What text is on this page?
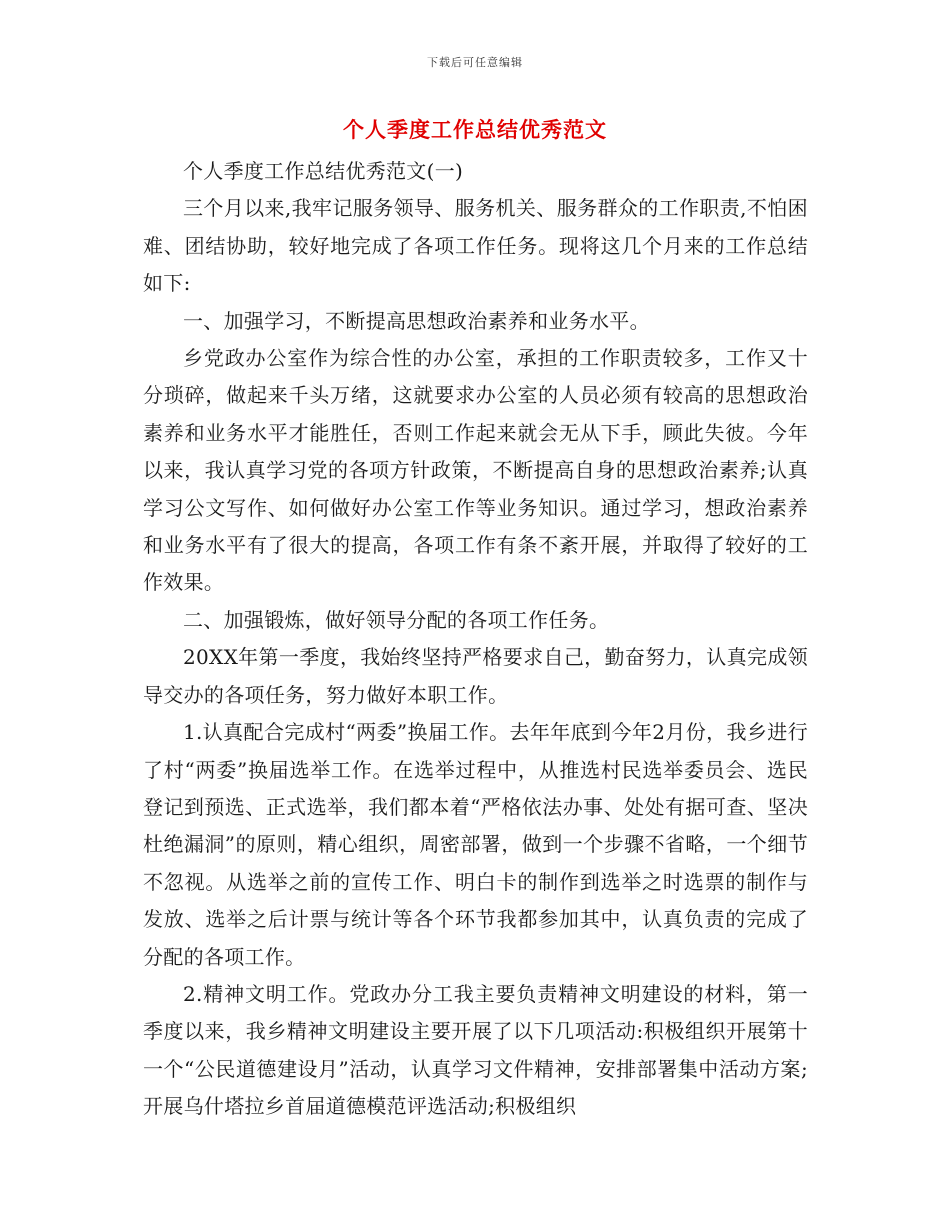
下载后可任意编辑
个人季度工作总结优秀范文

个人季度工作总结优秀范文(一)

三个月以来,我牢记服务领导、服务机关、服务群众的工作职责,不怕困难、团结协助，较好地完成了各项工作任务。现将这几个月来的工作总结如下:

一、加强学习，不断提高思想政治素养和业务水平。

乡党政办公室作为综合性的办公室，承担的工作职责较多，工作又十分琐碎，做起来千头万绪，这就要求办公室的人员必须有较高的思想政治素养和业务水平才能胜任，否则工作起来就会无从下手，顾此失彼。今年以来，我认真学习党的各项方针政策，不断提高自身的思想政治素养;认真学习公文写作、如何做好办公室工作等业务知识。通过学习，想政治素养和业务水平有了很大的提高，各项工作有条不紊开展，并取得了较好的工作效果。

二、加强锻炼，做好领导分配的各项工作任务。

20XX年第一季度，我始终坚持严格要求自己，勤奋努力，认真完成领导交办的各项任务，努力做好本职工作。

1.认真配合完成村“两委”换届工作。去年年底到今年2月份，我乡进行了村“两委”换届选举工作。在选举过程中，从推选村民选举委员会、选民登记到预选、正式选举，我们都本着“严格依法办事、处处有据可查、坚决杜绝漏洞”的原则，精心组织，周密部署，做到一个步骤不省略，一个细节不忽视。从选举之前的宣传工作、明白卡的制作到选举之时选票的制作与发放、选举之后计票与统计等各个环节我都参加其中，认真负责的完成了分配的各项工作。

2.精神文明工作。党政办分工我主要负责精神文明建设的材料，第一季度以来，我乡精神文明建设主要开展了以下几项活动:积极组织开展第十一个“公民道德建设月”活动，认真学习文件精神，安排部署集中活动方案;开展乌什塔拉乡首届道德模范评选活动;积极组织
